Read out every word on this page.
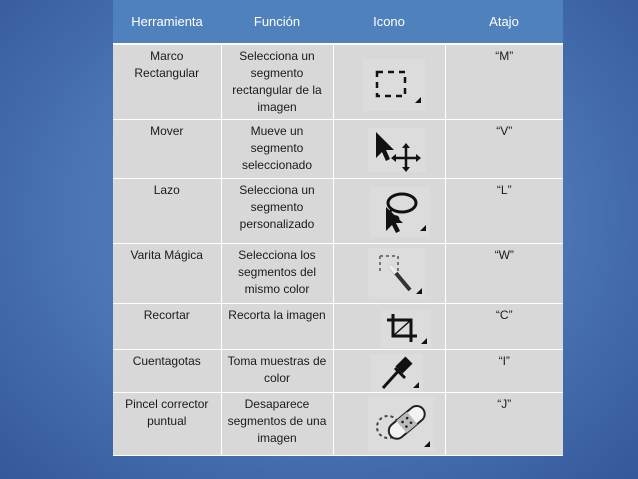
Herramienta	Función	Icono	Atajo
Marco Rectangular	Selecciona un segmento rectangular de la imagen		“M”
Mover	Mueve un segmento seleccionado		“V”
Lazo	Selecciona un segmento personalizado		“L”
Varita Mágica	Selecciona los segmentos del mismo color		“W”
Recortar	Recorta la imagen		“C”
Cuentagotas	Toma muestras de color		“I”
Pincel corrector puntual	Desaparece segmentos de una imagen		“J”
